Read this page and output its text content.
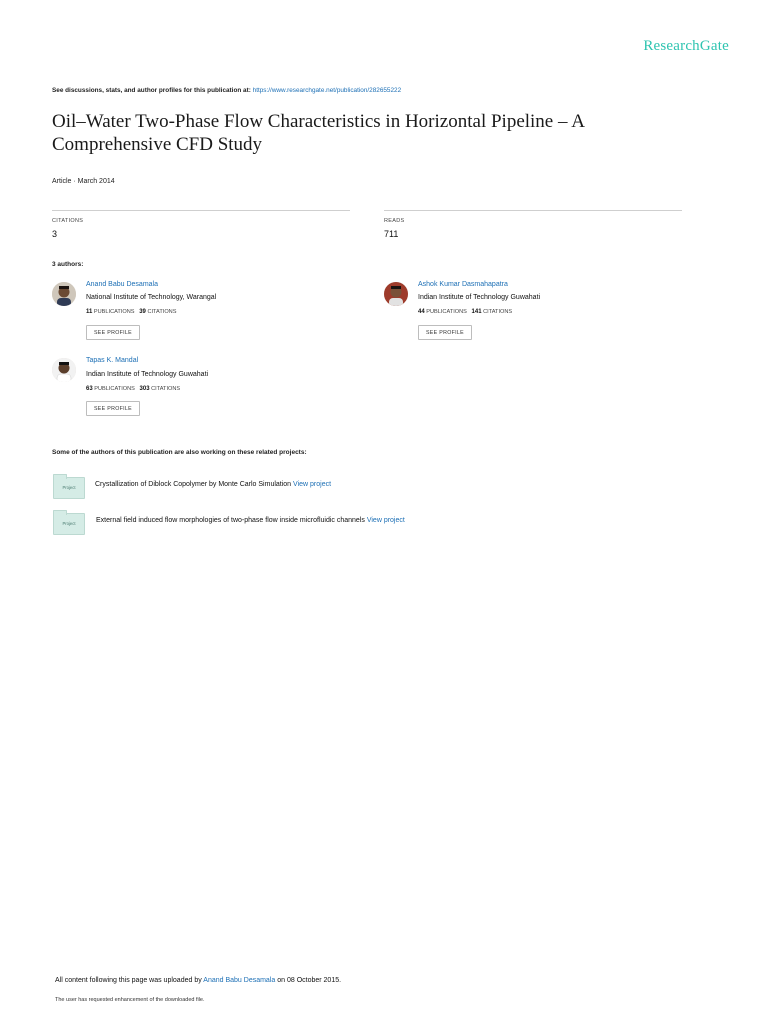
ResearchGate
See discussions, stats, and author profiles for this publication at: https://www.researchgate.net/publication/282655222
Oil–Water Two-Phase Flow Characteristics in Horizontal Pipeline – A Comprehensive CFD Study
Article · March 2014
CITATIONS
3
READS
711
3 authors:
Anand Babu Desamala
National Institute of Technology, Warangal
11 PUBLICATIONS 39 CITATIONS
SEE PROFILE
Ashok Kumar Dasmahapatra
Indian Institute of Technology Guwahati
44 PUBLICATIONS 141 CITATIONS
SEE PROFILE
Tapas K. Mandal
Indian Institute of Technology Guwahati
63 PUBLICATIONS 303 CITATIONS
SEE PROFILE
Some of the authors of this publication are also working on these related projects:
Project	Crystallization of Diblock Copolymer by Monte Carlo Simulation View project
Project	External field induced flow morphologies of two-phase flow inside microfluidic channels View project
All content following this page was uploaded by Anand Babu Desamala on 08 October 2015.
The user has requested enhancement of the downloaded file.
